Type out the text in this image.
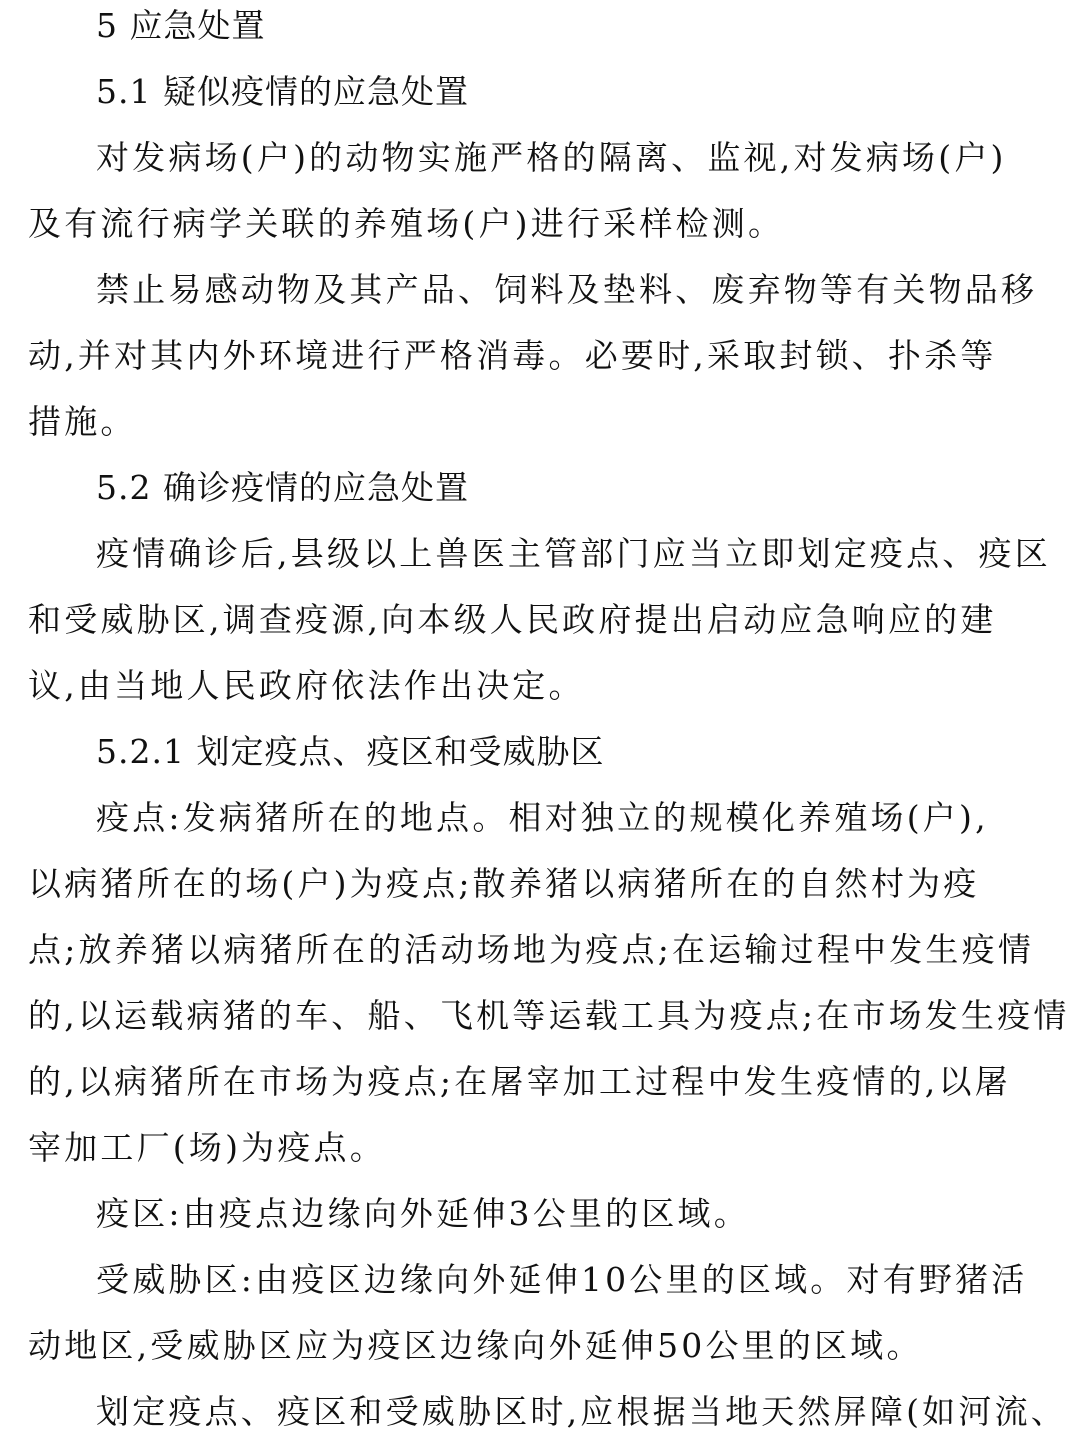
5 应急处置
5.1 疑似疫情的应急处置
对发病场(户)的动物实施严格的隔离、监视,对发病场(户)
及有流行病学关联的养殖场(户)进行采样检测。
禁止易感动物及其产品、饲料及垫料、废弃物等有关物品移
动,并对其内外环境进行严格消毒。必要时,采取封锁、扑杀等
措施。
5.2 确诊疫情的应急处置
疫情确诊后,县级以上兽医主管部门应当立即划定疫点、疫区
和受威胁区,调查疫源,向本级人民政府提出启动应急响应的建
议,由当地人民政府依法作出决定。
5.2.1 划定疫点、疫区和受威胁区
疫点:发病猪所在的地点。相对独立的规模化养殖场(户),
以病猪所在的场(户)为疫点;散养猪以病猪所在的自然村为疫
点;放养猪以病猪所在的活动场地为疫点;在运输过程中发生疫情
的,以运载病猪的车、船、飞机等运载工具为疫点;在市场发生疫情
的,以病猪所在市场为疫点;在屠宰加工过程中发生疫情的,以屠
宰加工厂(场)为疫点。
疫区:由疫点边缘向外延伸3公里的区域。
受威胁区:由疫区边缘向外延伸10公里的区域。对有野猪活
动地区,受威胁区应为疫区边缘向外延伸50公里的区域。
划定疫点、疫区和受威胁区时,应根据当地天然屏障(如河流、
